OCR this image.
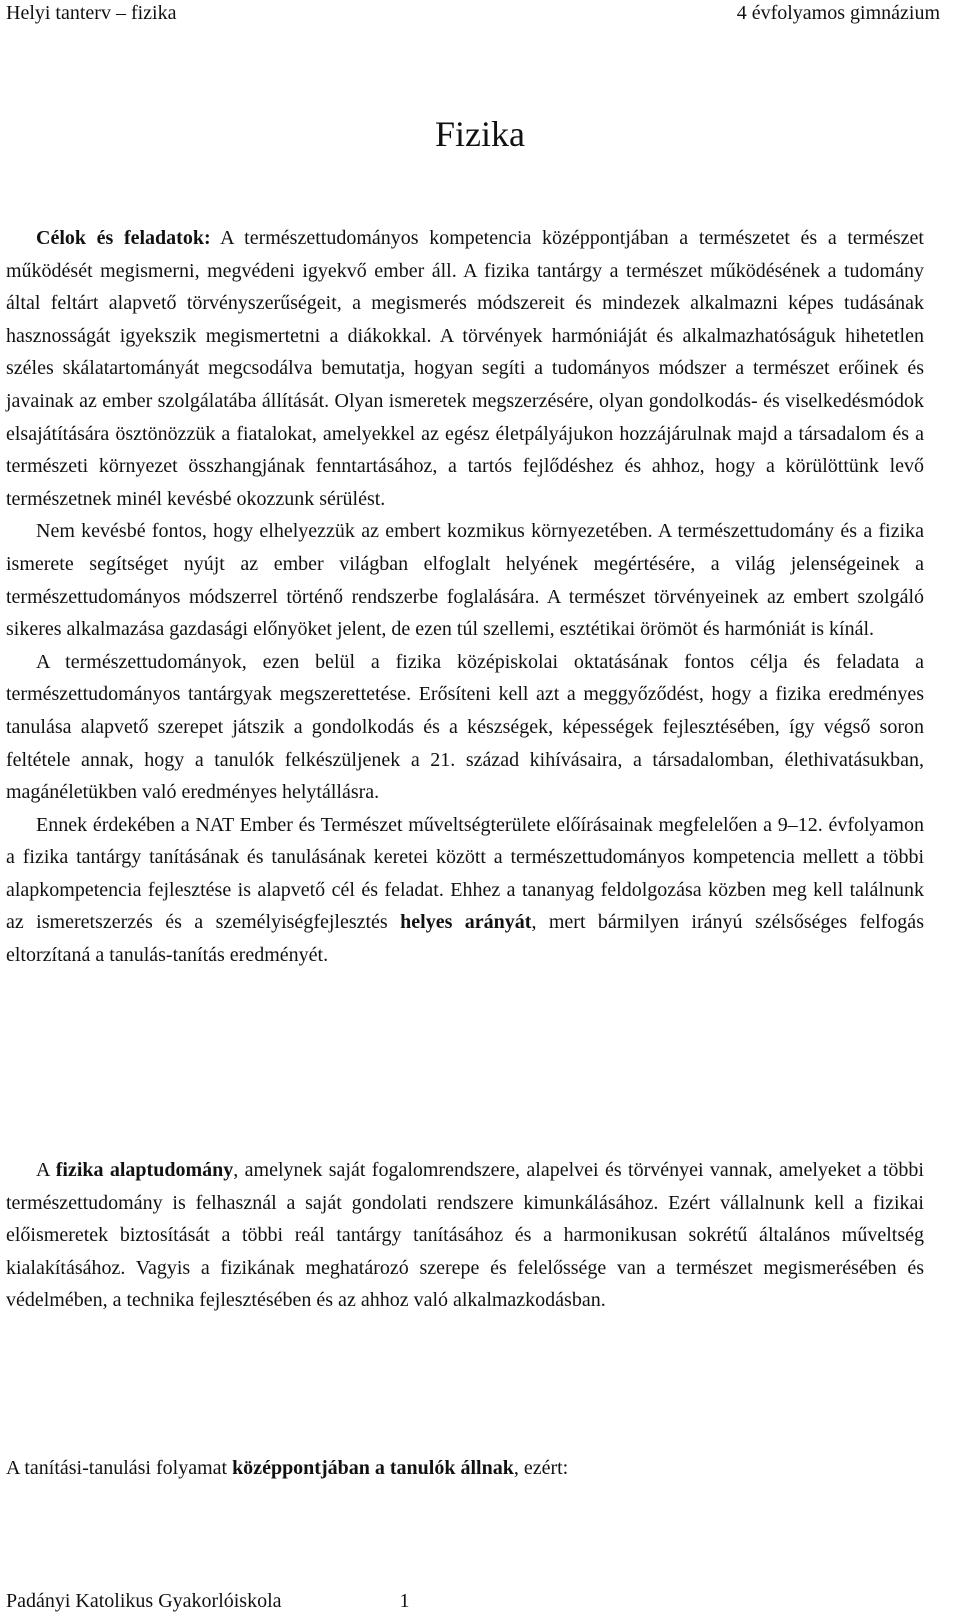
Helyi tanterv – fizika	4 évfolyamos gimnázium
Fizika

Célok és feladatok: A természettudományos kompetencia középpontjában a természetet és a természet működését megismerni, megvédeni igyekvő ember áll. A fizika tantárgy a természet működésének a tudomány által feltárt alapvető törvényszerűségeit, a megismerés módszereit és mindezek alkalmazni képes tudásának hasznosságát igyekszik megismertetni a diákokkal. A törvények harmóniáját és alkalmazhatóságuk hihetetlen széles skálatartományát megcsodálva bemutatja, hogyan segíti a tudományos módszer a természet erőinek és javainak az ember szolgálatába állítását. Olyan ismeretek megszerzésére, olyan gondolkodás- és viselkedésmódok elsajátítására ösztönözzük a fiatalokat, amelyekkel az egész életpályájukon hozzájárulnak majd a társadalom és a természeti környezet összhangjának fenntartásához, a tartós fejlődéshez és ahhoz, hogy a körülöttünk levő természetnek minél kevésbé okozzunk sérülést.

Nem kevésbé fontos, hogy elhelyezzük az embert kozmikus környezetében. A természettudomány és a fizika ismerete segítséget nyújt az ember világban elfoglalt helyének megértésére, a világ jelenségeinek a természettudományos módszerrel történő rendszerbe foglalására. A természet törvényeinek az embert szolgáló sikeres alkalmazása gazdasági előnyöket jelent, de ezen túl szellemi, esztétikai örömöt és harmóniát is kínál.

A természettudományok, ezen belül a fizika középiskolai oktatásának fontos célja és feladata a természettudományos tantárgyak megszerettetése. Erősíteni kell azt a meggyőződést, hogy a fizika eredményes tanulása alapvető szerepet játszik a gondolkodás és a készségek, képességek fejlesztésében, így végső soron feltétele annak, hogy a tanulók felkészüljenek a 21. század kihívásaira, a társadalomban, élethivatásukban, magánéletükben való eredményes helytállásra.

Ennek érdekében a NAT Ember és Természet műveltségterülete előírásainak megfelelően a 9–12. évfolyamon a fizika tantárgy tanításának és tanulásának keretei között a természettudományos kompetencia mellett a többi alapkompetencia fejlesztése is alapvető cél és feladat. Ehhez a tananyag feldolgozása közben meg kell találnunk az ismeretszerzés és a személyiségfejlesztés helyes arányát, mert bármilyen irányú szélsőséges felfogás eltorzítaná a tanulás-tanítás eredményét.

A fizika alaptudomány, amelynek saját fogalomrendszere, alapelvei és törvényei vannak, amelyeket a többi természettudomány is felhasznál a saját gondolati rendszere kimunkálásához. Ezért vállalnunk kell a fizikai előismeretek biztosítását a többi reál tantárgy tanításához és a harmonikusan sokrétű általános műveltség kialakításához. Vagyis a fizikának meghatározó szerepe és felelőssége van a természet megismerésében és védelmében, a technika fejlesztésében és az ahhoz való alkalmazkodásban.

A tanítási-tanulási folyamat középpontjában a tanulók állnak, ezért:

Padányi Katolikus Gyakorlóiskola	1
